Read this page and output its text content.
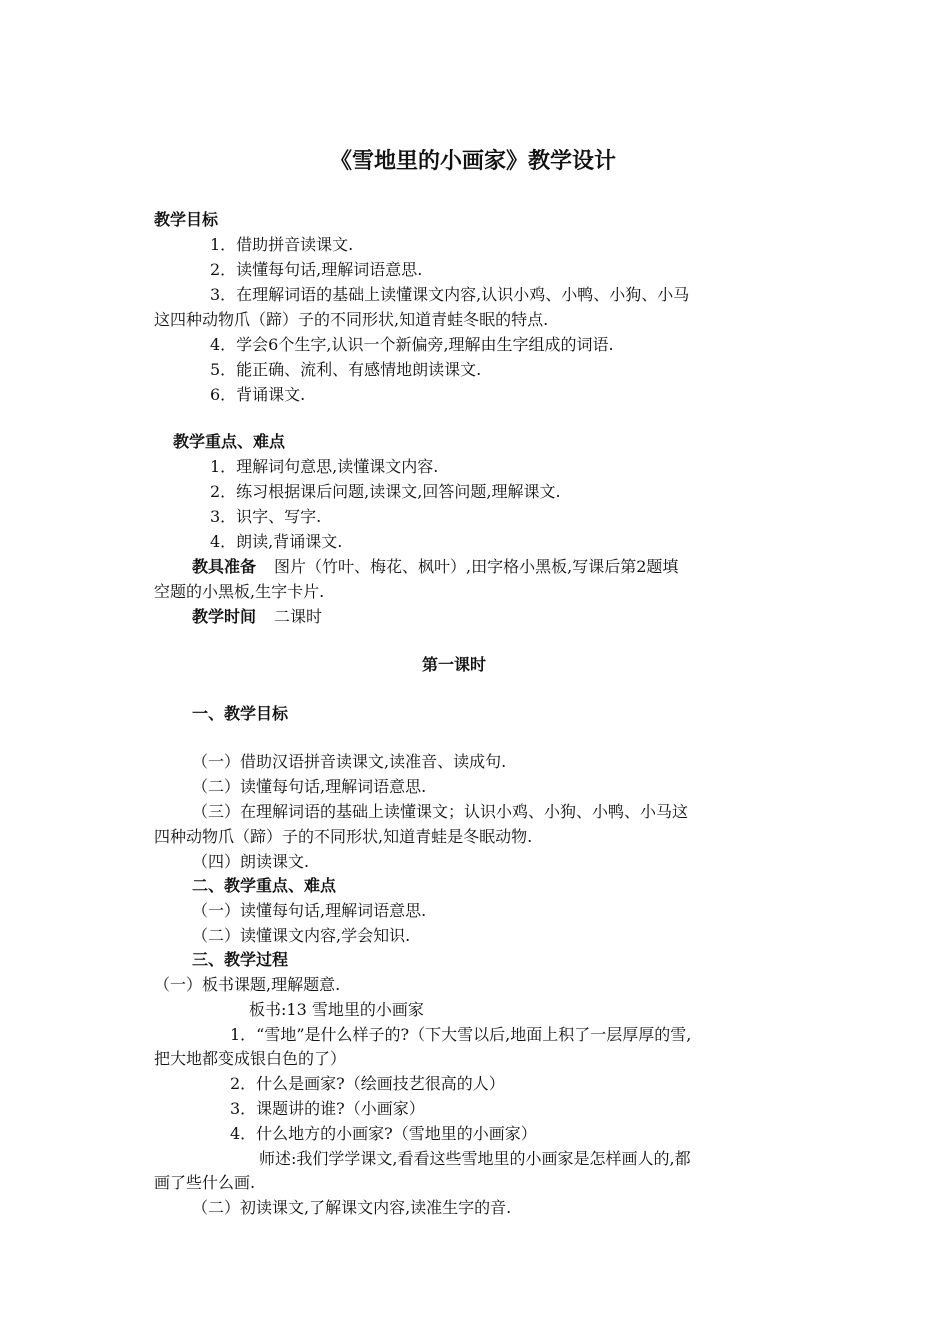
《雪地里的小画家》教学设计
教学目标
1．借助拼音读课文.
2．读懂每句话,理解词语意思.
3．在理解词语的基础上读懂课文内容,认识小鸡、小鸭、小狗、小马
这四种动物爪（蹄）子的不同形状,知道青蛙冬眠的特点.
4．学会6个生字,认识一个新偏旁,理解由生字组成的词语.
5．能正确、流利、有感情地朗读课文.
6．背诵课文.
教学重点、难点
1．理解词句意思,读懂课文内容.
2．练习根据课后问题,读课文,回答问题,理解课文.
3．识字、写字.
4．朗读,背诵课文.
教具准备 图片（竹叶、梅花、枫叶）,田字格小黑板,写课后第2题填
空题的小黑板,生字卡片.
教学时间 二课时
第一课时
一、教学目标
（一）借助汉语拼音读课文,读准音、读成句.
（二）读懂每句话,理解词语意思.
（三）在理解词语的基础上读懂课文；认识小鸡、小狗、小鸭、小马这
四种动物爪（蹄）子的不同形状,知道青蛙是冬眠动物.
（四）朗读课文.
二、教学重点、难点
（一）读懂每句话,理解词语意思.
（二）读懂课文内容,学会知识.
三、教学过程
（一）板书课题,理解题意.
板书:13 雪地里的小画家
1．“雪地”是什么样子的?（下大雪以后,地面上积了一层厚厚的雪,
把大地都变成银白色的了）
2．什么是画家?（绘画技艺很高的人）
3．课题讲的谁?（小画家）
4．什么地方的小画家?（雪地里的小画家）
师述:我们学学课文,看看这些雪地里的小画家是怎样画人的,都
画了些什么画.
（二）初读课文,了解课文内容,读准生字的音.
